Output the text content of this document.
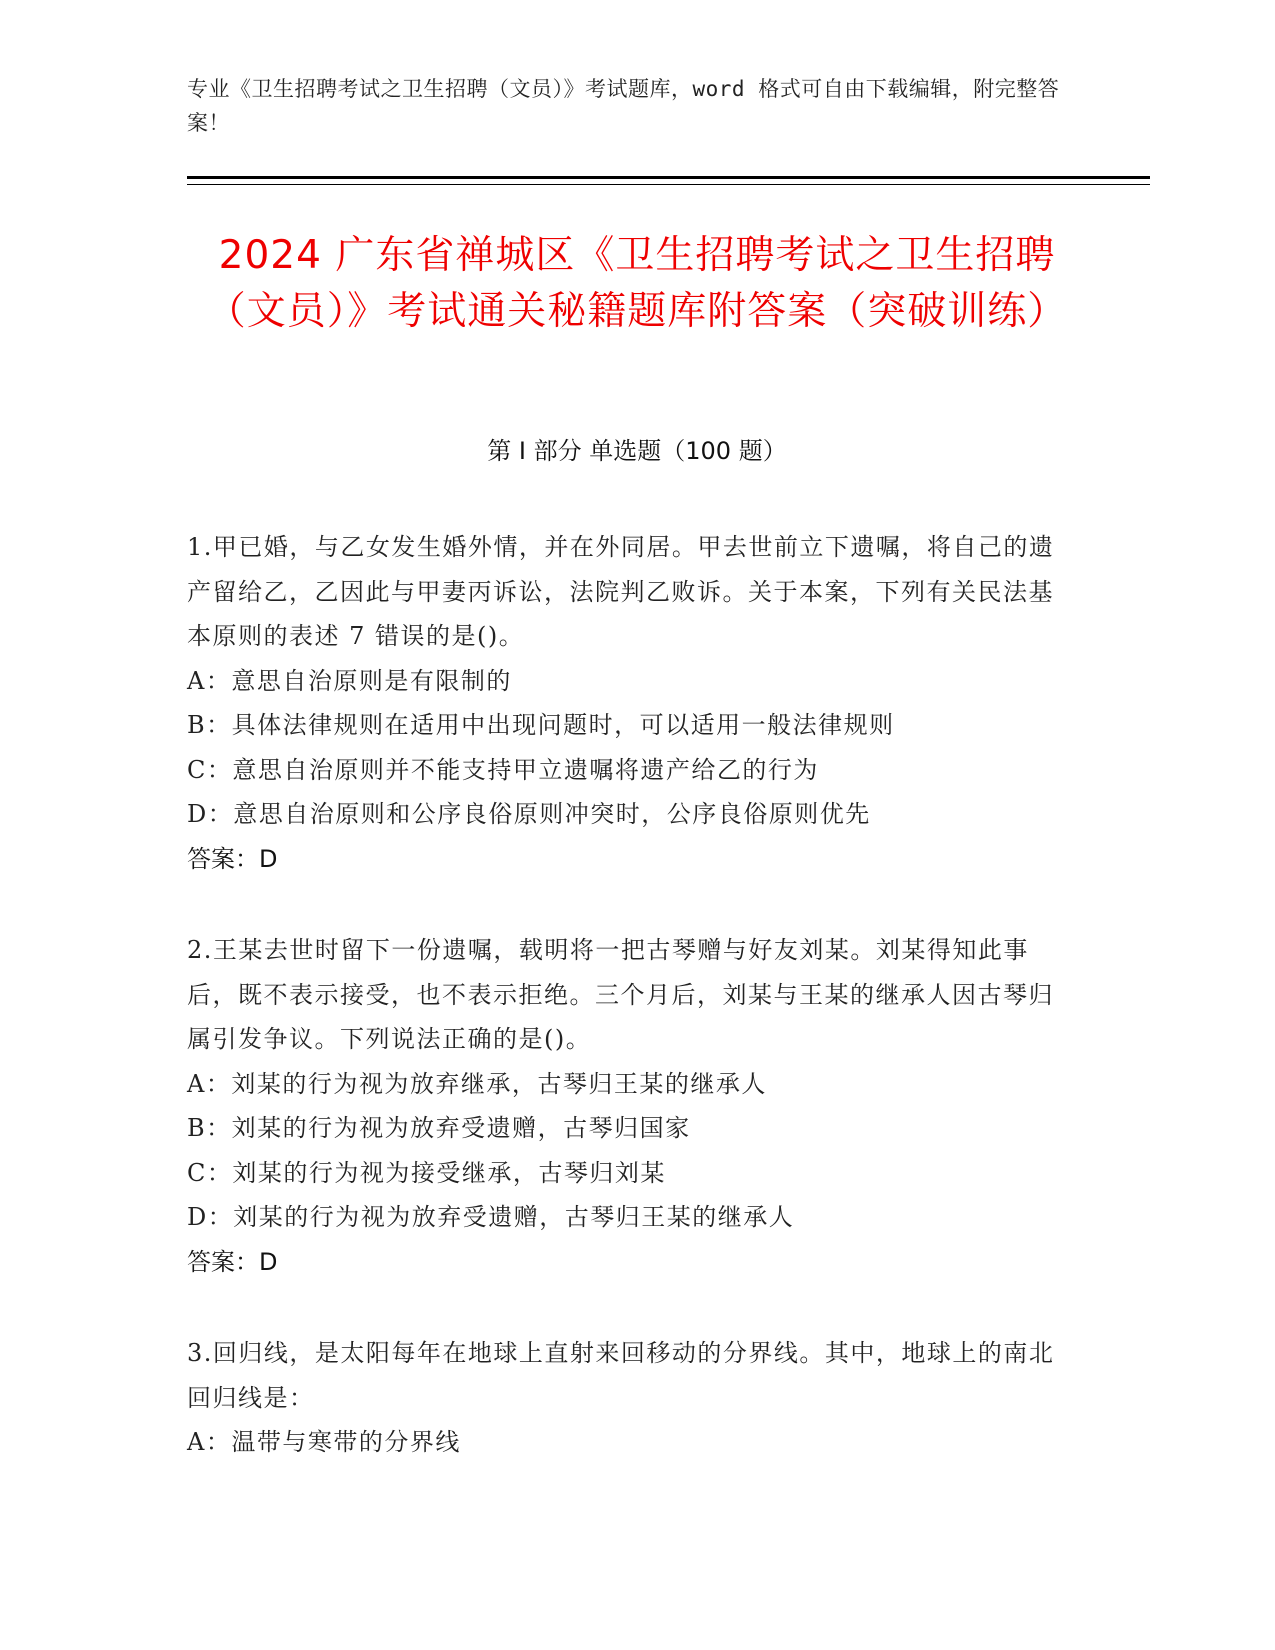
专业《卫生招聘考试之卫生招聘（文员）》考试题库，word 格式可自由下载编辑，附完整答案！
2024 广东省禅城区《卫生招聘考试之卫生招聘（文员）》考试通关秘籍题库附答案（突破训练）
第 I 部分 单选题（100 题）
1.甲已婚，与乙女发生婚外情，并在外同居。甲去世前立下遗嘱，将自己的遗产留给乙，乙因此与甲妻丙诉讼，法院判乙败诉。关于本案，下列有关民法基本原则的表述 7 错误的是()。
A：意思自治原则是有限制的
B：具体法律规则在适用中出现问题时，可以适用一般法律规则
C：意思自治原则并不能支持甲立遗嘱将遗产给乙的行为
D：意思自治原则和公序良俗原则冲突时，公序良俗原则优先
答案：D
2.王某去世时留下一份遗嘱，载明将一把古琴赠与好友刘某。刘某得知此事后，既不表示接受，也不表示拒绝。三个月后，刘某与王某的继承人因古琴归属引发争议。下列说法正确的是()。
A：刘某的行为视为放弃继承，古琴归王某的继承人
B：刘某的行为视为放弃受遗赠，古琴归国家
C：刘某的行为视为接受继承，古琴归刘某
D：刘某的行为视为放弃受遗赠，古琴归王某的继承人
答案：D
3.回归线，是太阳每年在地球上直射来回移动的分界线。其中，地球上的南北回归线是：
A：温带与寒带的分界线
